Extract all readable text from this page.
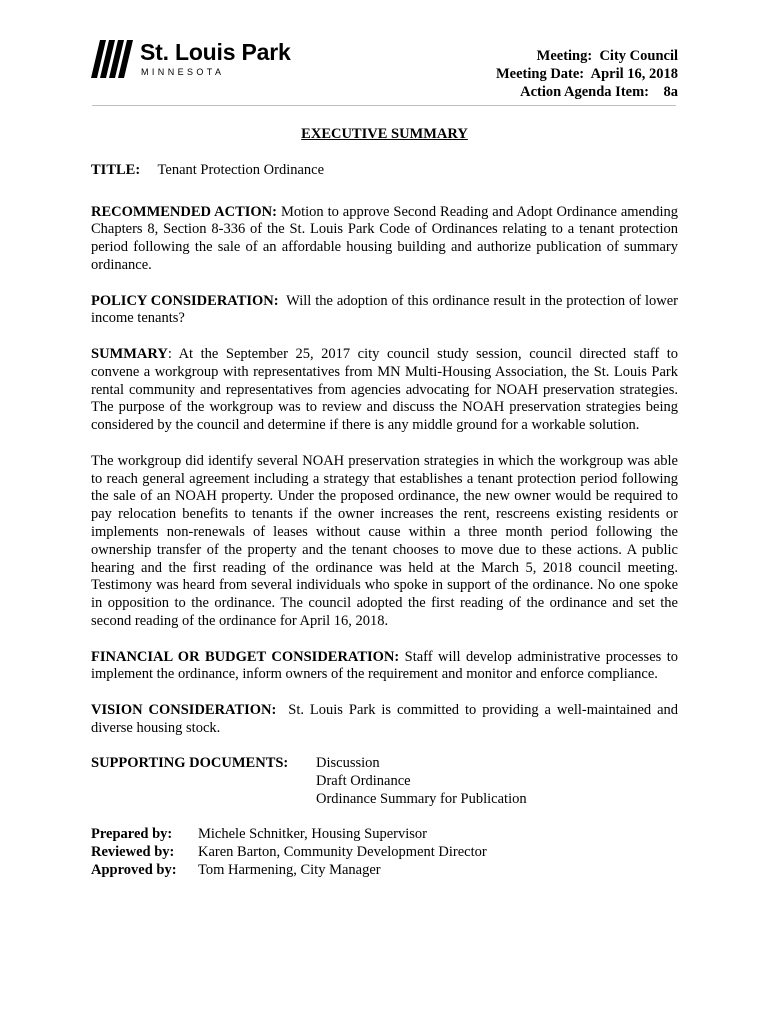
St. Louis Park
MINNESOTA
Meeting: City Council
Meeting Date: April 16, 2018
Action Agenda Item: 8a
EXECUTIVE SUMMARY
TITLE: Tenant Protection Ordinance

RECOMMENDED ACTION: Motion to approve Second Reading and Adopt Ordinance amending Chapters 8, Section 8-336 of the St. Louis Park Code of Ordinances relating to a tenant protection period following the sale of an affordable housing building and authorize publication of summary ordinance.

POLICY CONSIDERATION: Will the adoption of this ordinance result in the protection of lower income tenants?

SUMMARY: At the September 25, 2017 city council study session, council directed staff to convene a workgroup with representatives from MN Multi-Housing Association, the St. Louis Park rental community and representatives from agencies advocating for NOAH preservation strategies. The purpose of the workgroup was to review and discuss the NOAH preservation strategies being considered by the council and determine if there is any middle ground for a workable solution.

The workgroup did identify several NOAH preservation strategies in which the workgroup was able to reach general agreement including a strategy that establishes a tenant protection period following the sale of an NOAH property. Under the proposed ordinance, the new owner would be required to pay relocation benefits to tenants if the owner increases the rent, rescreens existing residents or implements non-renewals of leases without cause within a three month period following the ownership transfer of the property and the tenant chooses to move due to these actions. A public hearing and the first reading of the ordinance was held at the March 5, 2018 council meeting. Testimony was heard from several individuals who spoke in support of the ordinance. No one spoke in opposition to the ordinance. The council adopted the first reading of the ordinance and set the second reading of the ordinance for April 16, 2018.

FINANCIAL OR BUDGET CONSIDERATION: Staff will develop administrative processes to implement the ordinance, inform owners of the requirement and monitor and enforce compliance.

VISION CONSIDERATION: St. Louis Park is committed to providing a well-maintained and diverse housing stock.

SUPPORTING DOCUMENTS:	Discussion
Draft Ordinance
Ordinance Summary for Publication
Prepared by:	Michele Schnitker, Housing Supervisor
Reviewed by:	Karen Barton, Community Development Director
Approved by:	Tom Harmening, City Manager
